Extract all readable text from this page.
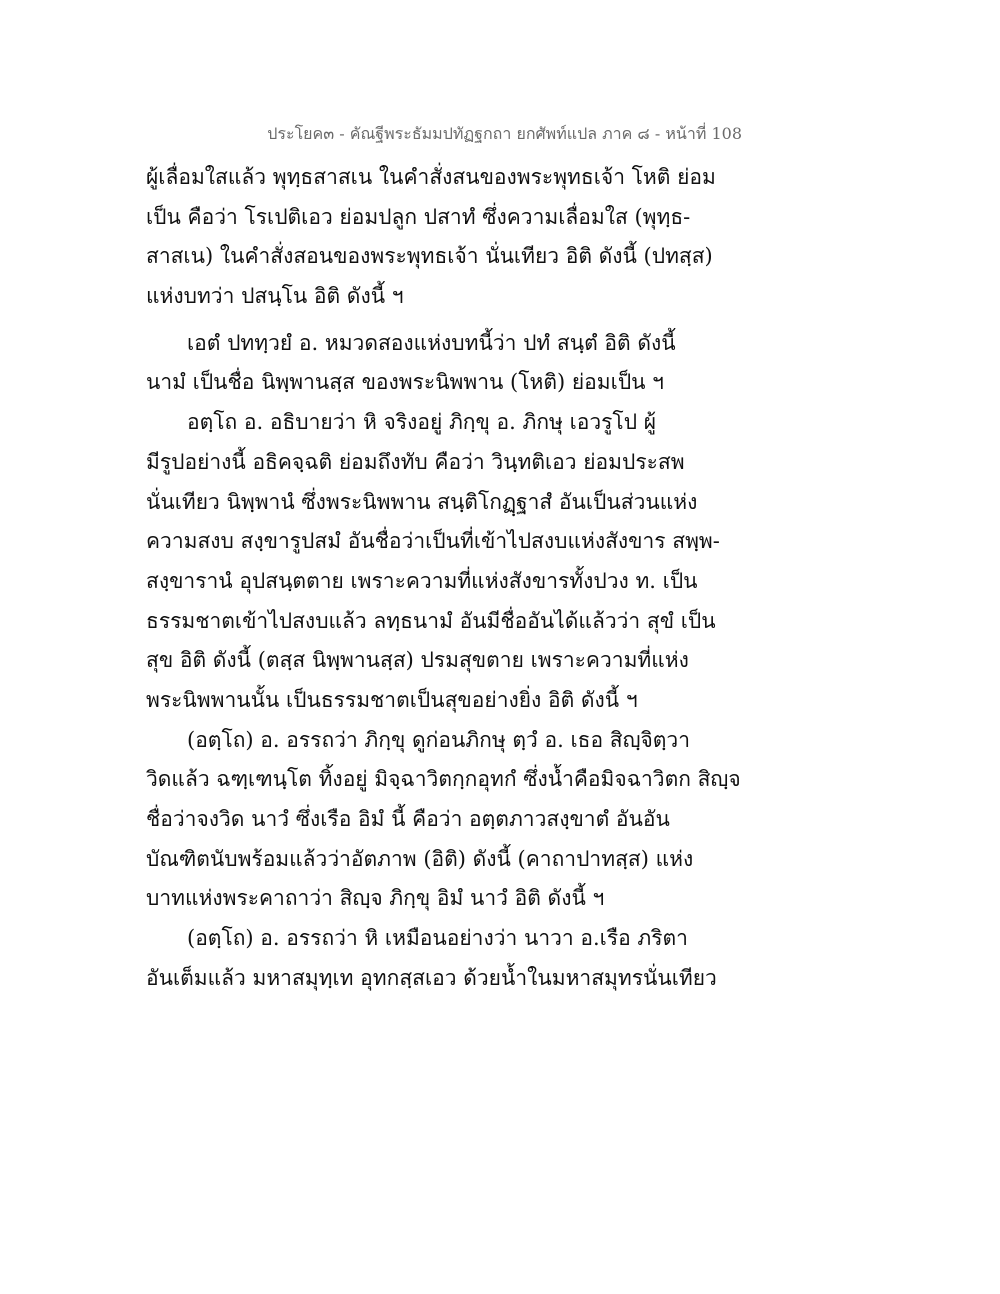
ประโยค๓ - คัณฐีพระธัมมปทัฏฐกถา ยกศัพท์แปล ภาค ๘ - หน้าที่ 108
ผู้เลื่อมใสแล้ว พุทฺธสาสเน ในคำสั่งสนของพระพุทธเจ้า โหติ ย่อม
เป็น คือว่า โรเปติเอว ย่อมปลูก ปสาทํ ซึ่งความเลื่อมใส (พุทฺธ-
สาสเน) ในคำสั่งสอนของพระพุทธเจ้า นั่นเทียว อิติ ดังนี้ (ปทสฺส)
แห่งบทว่า ปสนฺโน อิติ ดังนี้ ฯ
เอตํ ปททฺวยํ อ. หมวดสองแห่งบทนี้ว่า ปทํ สนฺตํ อิติ ดังนี้
นามํ เป็นชื่อ นิพฺพานสฺส ของพระนิพพาน (โหติ) ย่อมเป็น ฯ
อตฺโถ อ. อธิบายว่า หิ จริงอยู่ ภิกฺขุ อ. ภิกษุ เอวรูโป ผู้
มีรูปอย่างนี้ อธิคจฺฉติ ย่อมถึงทับ คือว่า วินฺทติเอว ย่อมประสพ
นั่นเทียว นิพฺพานํ ซึ่งพระนิพพาน สนฺติโกฏฺฐาสํ อันเป็นส่วนแห่ง
ความสงบ สงฺขารูปสมํ อันชื่อว่าเป็นที่เข้าไปสงบแห่งสังขาร สพฺพ-
สงฺขารานํ อุปสนฺตตาย เพราะความที่แห่งสังขารทั้งปวง ท. เป็น
ธรรมชาตเข้าไปสงบแล้ว ลทฺธนามํ อันมีชื่ออันได้แล้วว่า สุขํ เป็น
สุข อิติ ดังนี้ (ตสฺส นิพฺพานสฺส) ปรมสุขตาย เพราะความที่แห่ง
พระนิพพานนั้น เป็นธรรมชาตเป็นสุขอย่างยิ่ง อิติ ดังนี้ ฯ
(อตฺโถ) อ. อรรถว่า ภิกฺขุ ดูก่อนภิกษุ ตฺวํ อ. เธอ สิญฺจิตฺวา
วิดแล้ว ฉฑฺเฑนฺโต ทิ้งอยู่ มิจฺฉาวิตกฺกอุทกํ ซึ่งน้ำคือมิจฉาวิตก สิญฺจ
ชื่อว่าจงวิด นาวํ ซึ่งเรือ อิมํ นี้ คือว่า อตฺตภาวสงฺขาตํ อันอัน
บัณฑิตนับพร้อมแล้วว่าอัตภาพ (อิติ) ดังนี้ (คาถาปาทสฺส) แห่ง
บาทแห่งพระคาถาว่า สิญฺจ ภิกฺขุ อิมํ นาวํ อิติ ดังนี้ ฯ
(อตฺโถ) อ. อรรถว่า หิ เหมือนอย่างว่า นาวา อ.เรือ ภริตา
อันเต็มแล้ว มหาสมุทฺเท อุทกสฺสเอว ด้วยน้ำในมหาสมุทรนั่นเทียว
